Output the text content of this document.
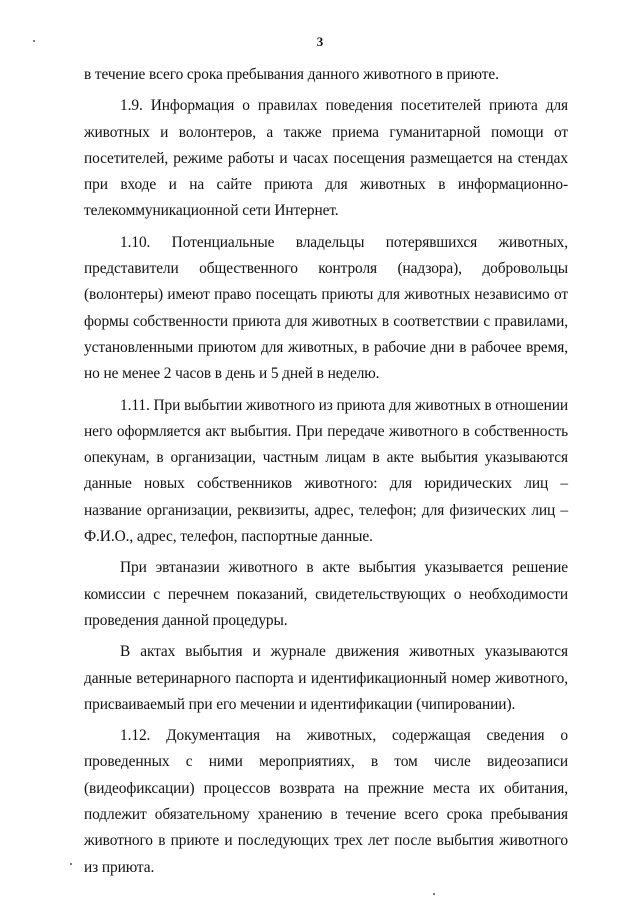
3

в течение всего срока пребывания данного животного в приюте.

1.9. Информация о правилах поведения посетителей приюта для животных и волонтеров, а также приема гуманитарной помощи от посетителей, режиме работы и часах посещения размещается на стендах при входе и на сайте приюта для животных в информационно-телекоммуникационной сети Интернет.

1.10. Потенциальные владельцы потерявшихся животных, представители общественного контроля (надзора), добровольцы (волонтеры) имеют право посещать приюты для животных независимо от формы собственности приюта для животных в соответствии с правилами, установленными приютом для животных, в рабочие дни в рабочее время, но не менее 2 часов в день и 5 дней в неделю.

1.11. При выбытии животного из приюта для животных в отношении него оформляется акт выбытия. При передаче животного в собственность опекунам, в организации, частным лицам в акте выбытия указываются данные новых собственников животного: для юридических лиц – название организации, реквизиты, адрес, телефон; для физических лиц – Ф.И.О., адрес, телефон, паспортные данные.

При эвтаназии животного в акте выбытия указывается решение комиссии с перечнем показаний, свидетельствующих о необходимости проведения данной процедуры.

В актах выбытия и журнале движения животных указываются данные ветеринарного паспорта и идентификационный номер животного, присваиваемый при его мечении и идентификации (чипировании).

1.12. Документация на животных, содержащая сведения о проведенных с ними мероприятиях, в том числе видеозаписи (видеофиксации) процессов возврата на прежние места их обитания, подлежит обязательному хранению в течение всего срока пребывания животного в приюте и последующих трех лет после выбытия животного из приюта.
